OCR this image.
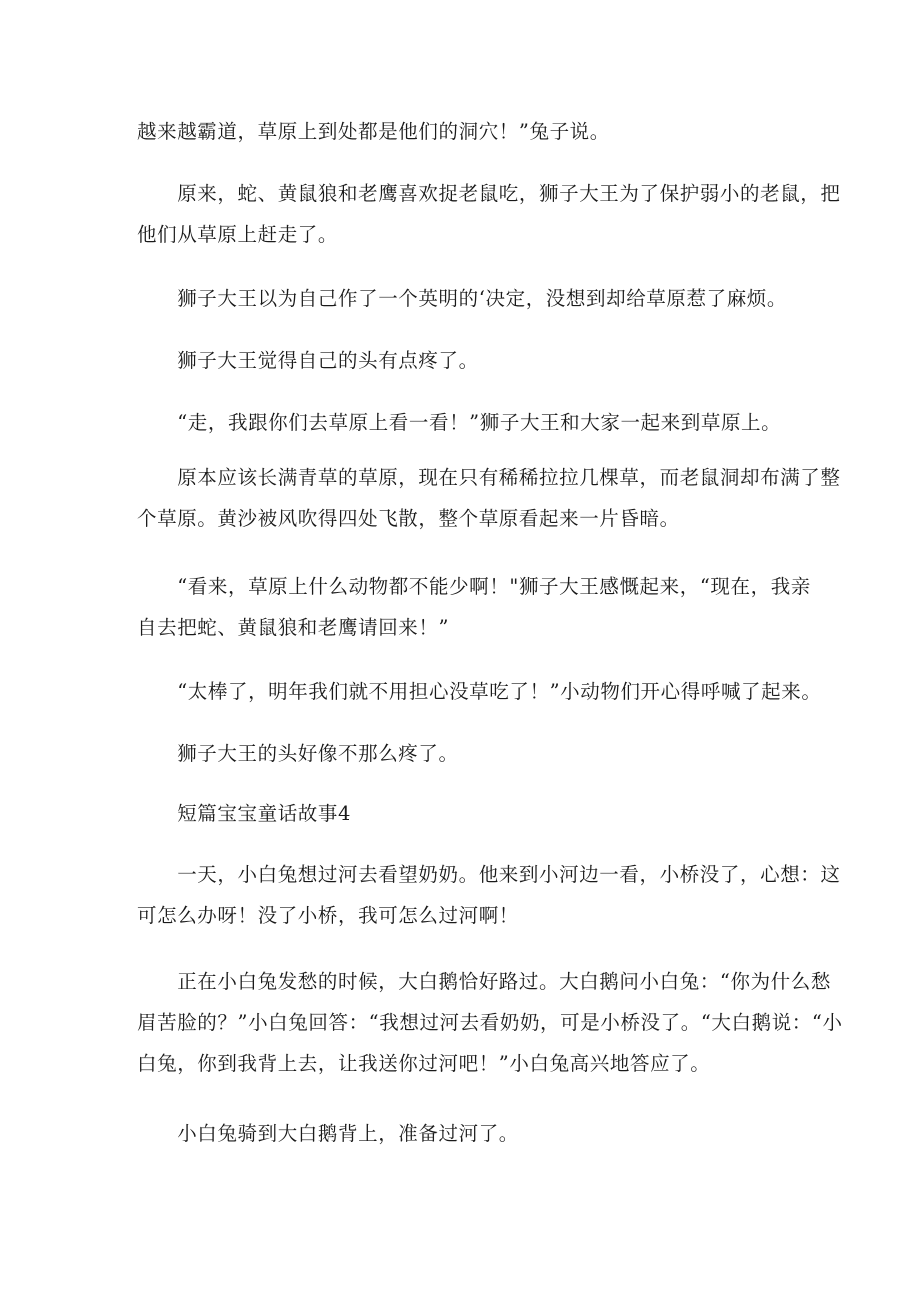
越来越霸道，草原上到处都是他们的洞穴！”兔子说。
　　原来，蛇、黄鼠狼和老鹰喜欢捉老鼠吃，狮子大王为了保护弱小的老鼠，把
他们从草原上赶走了。
　　狮子大王以为自己作了一个英明的‘决定，没想到却给草原惹了麻烦。
　　狮子大王觉得自己的头有点疼了。
　　“走，我跟你们去草原上看一看！”狮子大王和大家一起来到草原上。
　　原本应该长满青草的草原，现在只有稀稀拉拉几棵草，而老鼠洞却布满了整
个草原。黄沙被风吹得四处飞散，整个草原看起来一片昏暗。
　　“看来，草原上什么动物都不能少啊！"狮子大王感慨起来，“现在，我亲
自去把蛇、黄鼠狼和老鹰请回来！”
　　“太棒了，明年我们就不用担心没草吃了！”小动物们开心得呼喊了起来。
　　狮子大王的头好像不那么疼了。
　　短篇宝宝童话故事4
　　一天，小白兔想过河去看望奶奶。他来到小河边一看，小桥没了，心想：这
可怎么办呀！没了小桥，我可怎么过河啊！
　　正在小白兔发愁的时候，大白鹅恰好路过。大白鹅问小白兔：“你为什么愁
眉苦脸的？”小白兔回答：“我想过河去看奶奶，可是小桥没了。“大白鹅说：“小
白兔，你到我背上去，让我送你过河吧！”小白兔高兴地答应了。
　　小白兔骑到大白鹅背上，准备过河了。
